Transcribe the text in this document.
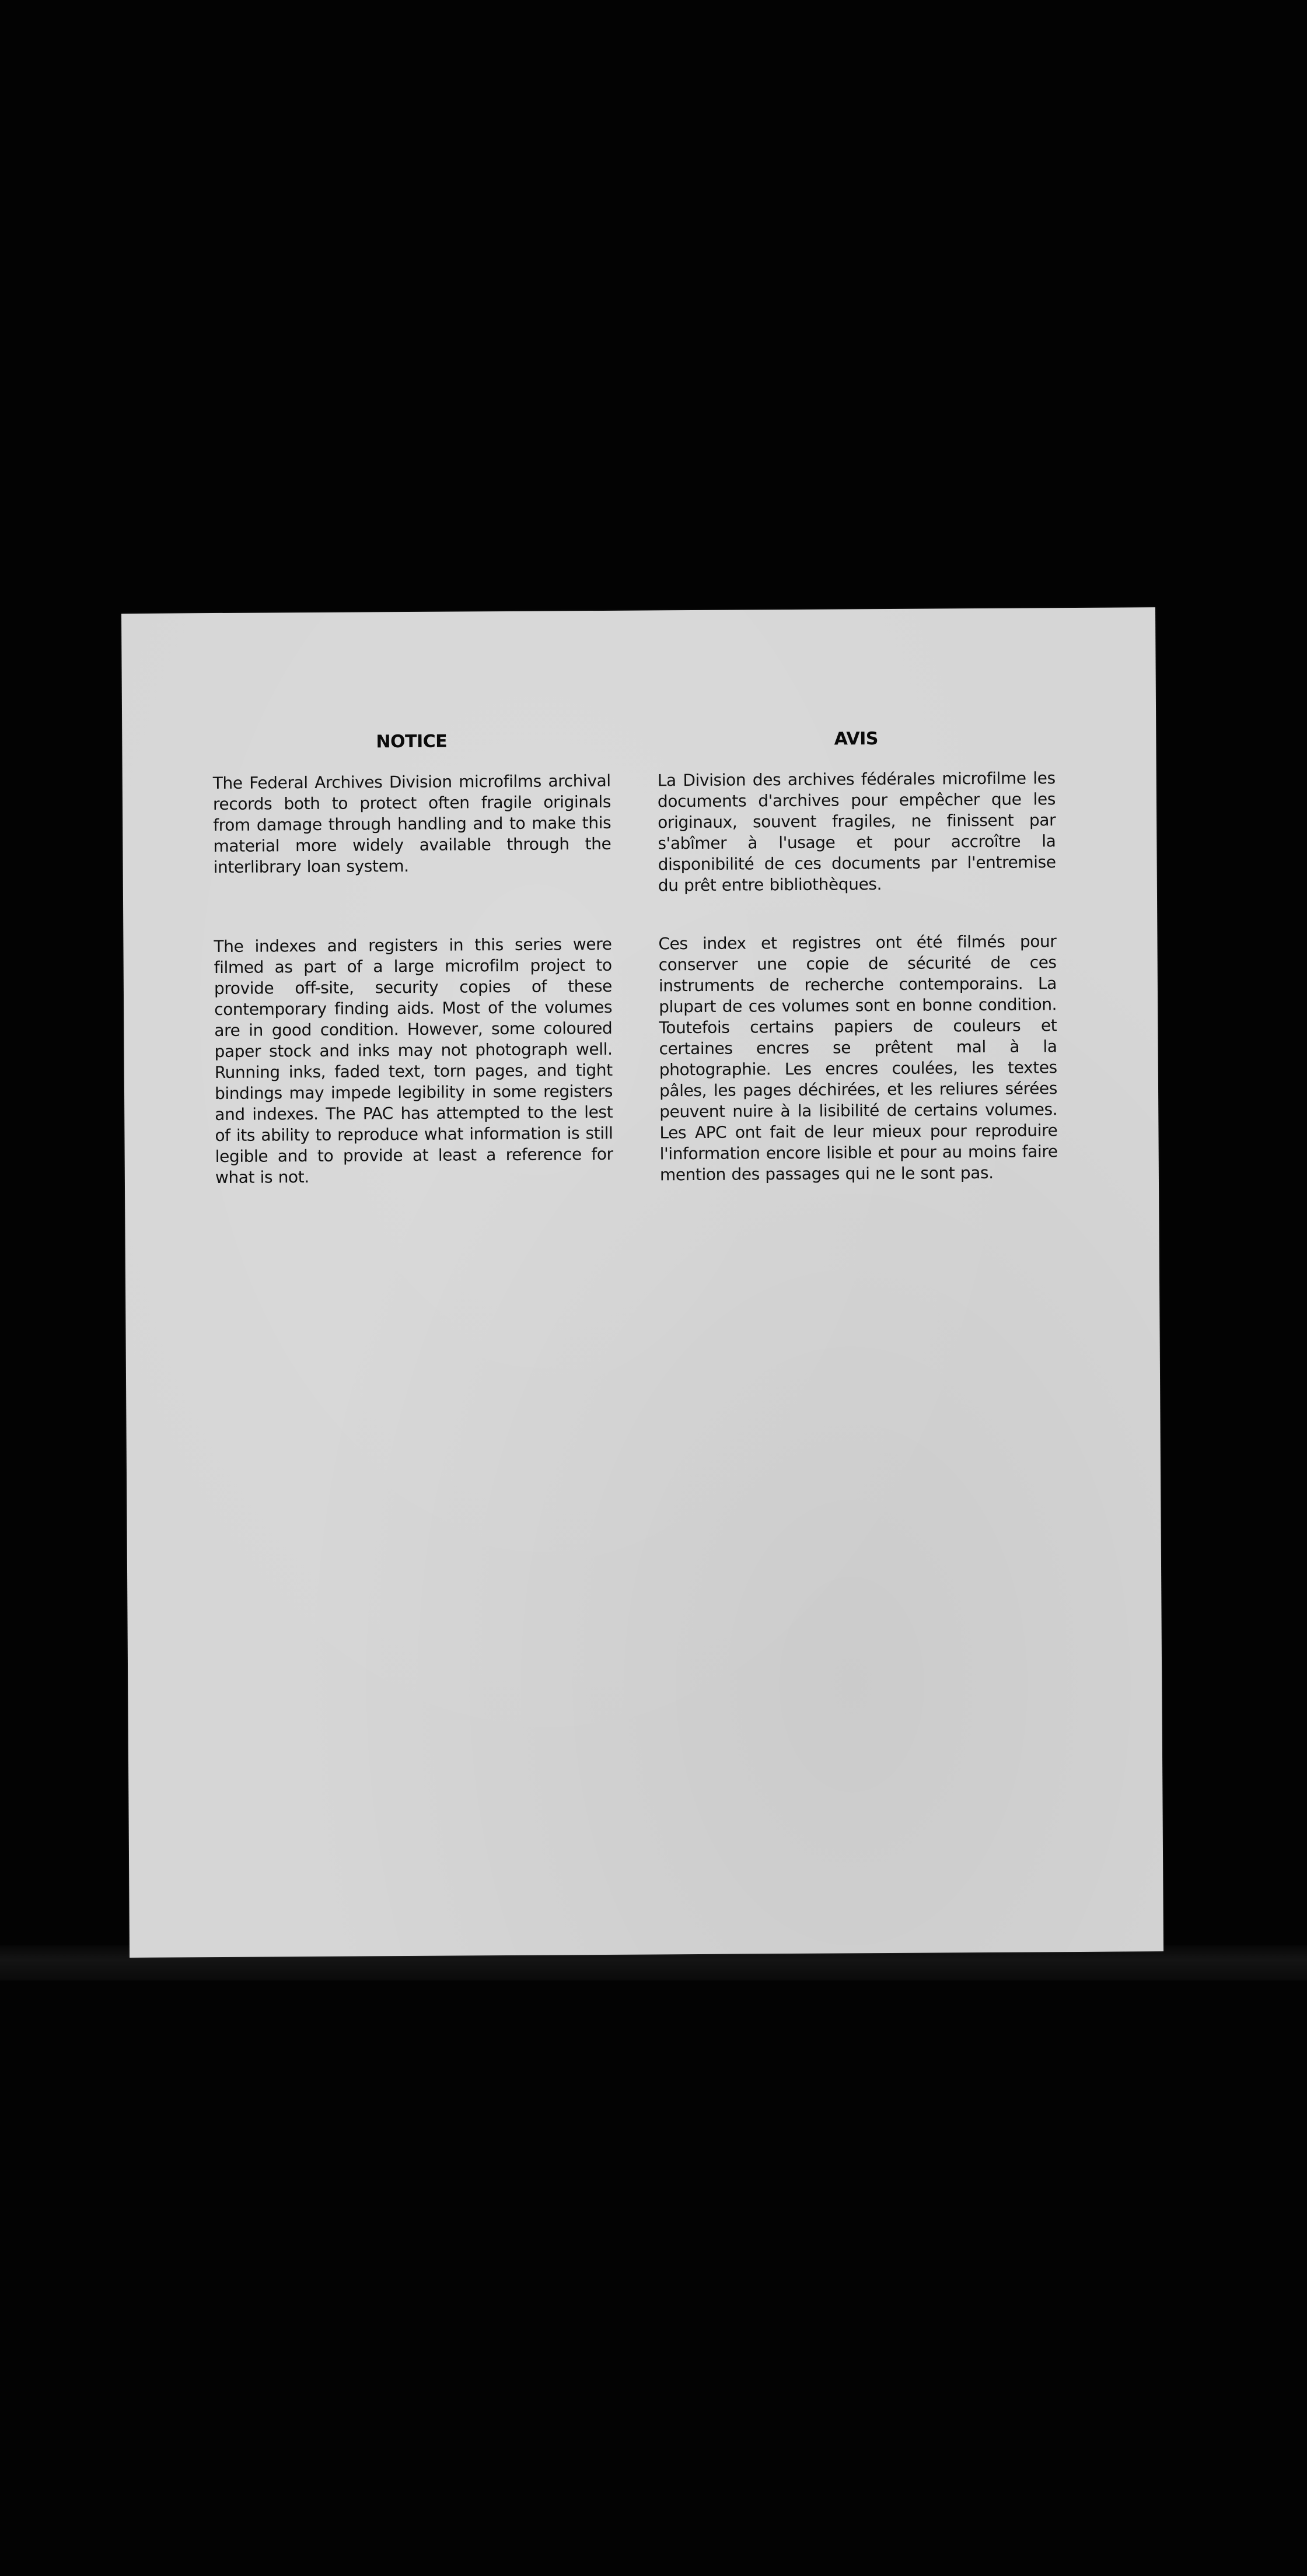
NOTICE

The Federal Archives Division microfilms archival records both to protect often fragile originals from damage through handling and to make this material more widely available through the interlibrary loan system.

The indexes and registers in this series were filmed as part of a large microfilm project to provide off-site, security copies of these contemporary finding aids. Most of the volumes are in good condition. However, some coloured paper stock and inks may not photograph well. Running inks, faded text, torn pages, and tight bindings may impede legibility in some registers and indexes. The PAC has attempted to the lest of its ability to reproduce what information is still legible and to provide at least a reference for what is not.

AVIS

La Division des archives fédérales microfilme les documents d'archives pour empêcher que les originaux, souvent fragiles, ne finissent par s'abîmer à l'usage et pour accroître la disponibilité de ces documents par l'entremise du prêt entre bibliothèques.

Ces index et registres ont été filmés pour conserver une copie de sécurité de ces instruments de recherche contemporains. La plupart de ces volumes sont en bonne condition. Toutefois certains papiers de couleurs et certaines encres se prêtent mal à la photographie. Les encres coulées, les textes pâles, les pages déchirées, et les reliures sérées peuvent nuire à la lisibilité de certains volumes. Les APC ont fait de leur mieux pour reproduire l'information encore lisible et pour au moins faire mention des passages qui ne le sont pas.
